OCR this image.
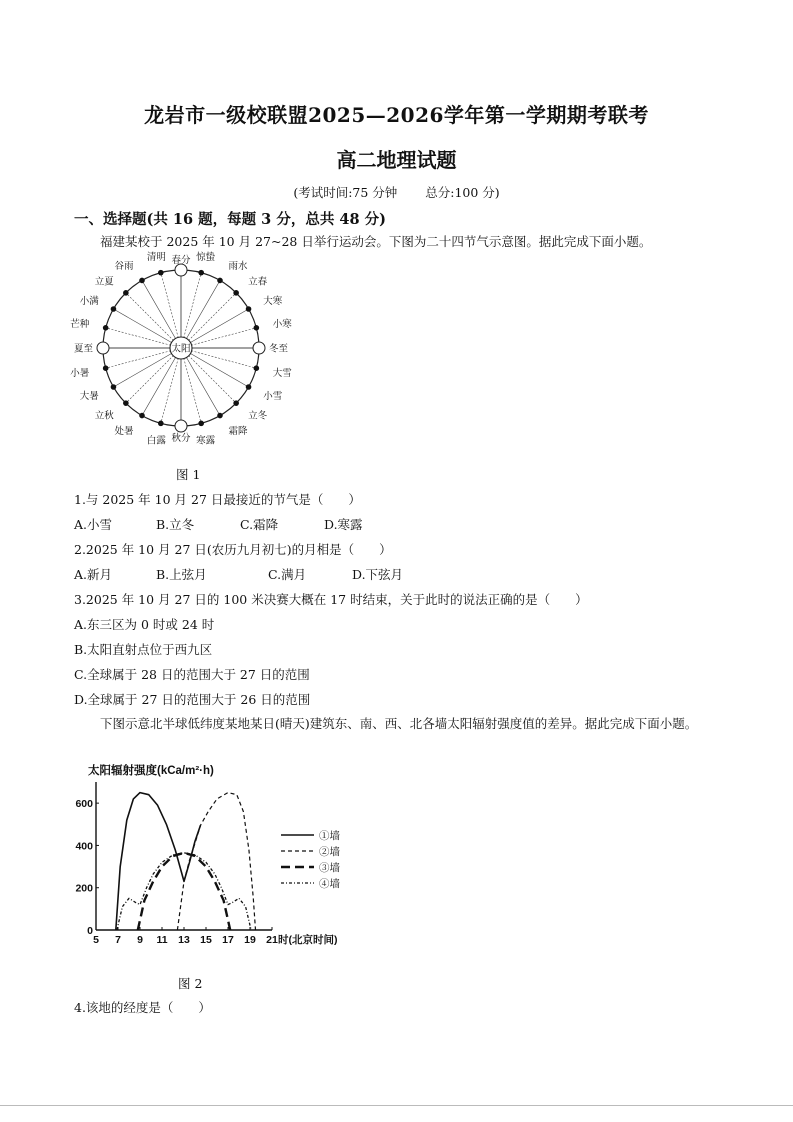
龙岩市一级校联盟2025—2026学年第一学期期考联考
高二地理试题
(考试时间:75 分钟 总分:100 分)
一、选择题(共 16 题，每题 3 分，总共 48 分)
福建某校于 2025 年 10 月 27~28 日举行运动会。下图为二十四节气示意图。据此完成下面小题。
春分 惊蛰
雨水
立春
大寒
小寒
冬至
大雪
小雪
立冬
霜降
寒露
秋分
白露
处暑
立秋
大暑
小暑
夏至
芒种
小满
立夏
谷雨
清明
太阳
图 1
1.与 2025 年 10 月 27 日最接近的节气是（　　）
A.小雪	B.立冬	C.霜降	D.寒露
2.2025 年 10 月 27 日(农历九月初七)的月相是（　　）
A.新月	B.上弦月	C.满月	D.下弦月
3.2025 年 10 月 27 日的 100 米决赛大概在 17 时结束，关于此时的说法正确的是（　　）
A.东三区为 0 时或 24 时
B.太阳直射点位于西九区
C.全球属于 28 日的范围大于 27 日的范围
D.全球属于 27 日的范围大于 26 日的范围
下图示意北半球低纬度某地某日(晴天)建筑东、南、西、北各墙太阳辐射强度值的差异。据此完成下面小题。
太阳辐射强度(kCa/m²·h)
5 7 9 11 13 15 17 19 21 时(北京时间)
0
200
400
600
①墙
②墙
③墙
④墙
图 2
4.该地的经度是（　　）
